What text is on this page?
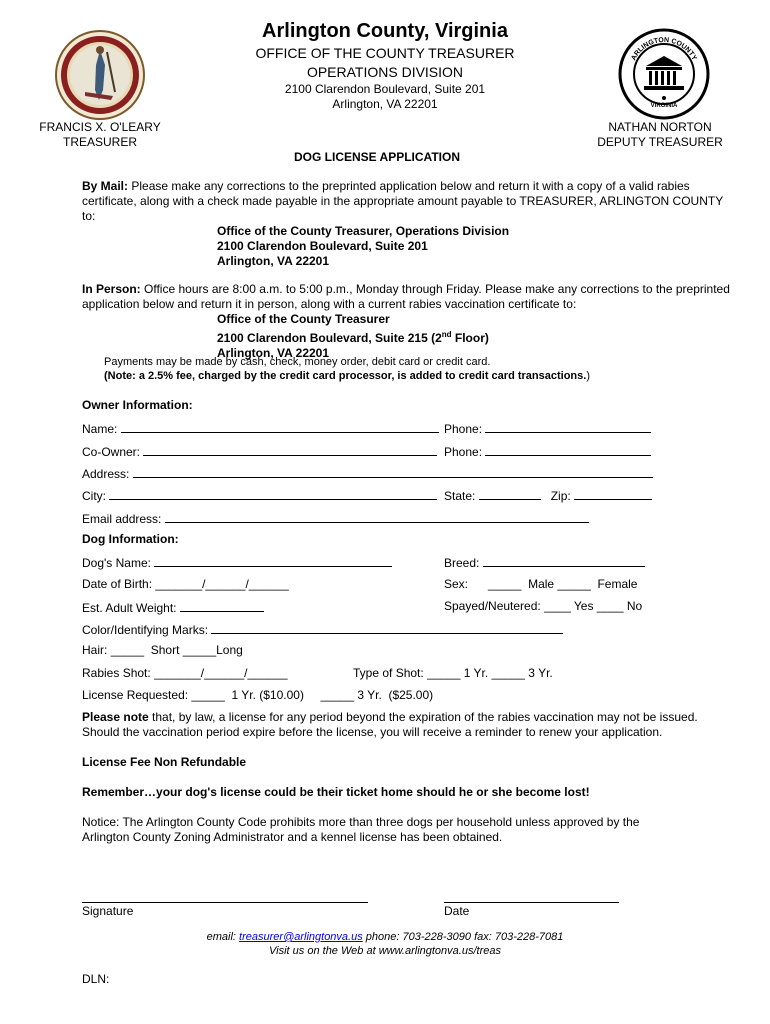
ARLINGTON COUNTY
VIRGINIA
Arlington County, Virginia
OFFICE OF THE COUNTY TREASURER
OPERATIONS DIVISION
2100 Clarendon Boulevard, Suite 201
Arlington, VA 22201
FRANCIS X. O'LEARY
TREASURER
NATHAN NORTON
DEPUTY TREASURER
DOG LICENSE APPLICATION
By Mail: Please make any corrections to the preprinted application below and return it with a copy of a valid rabies certificate, along with a check made payable in the appropriate amount payable to TREASURER, ARLINGTON COUNTY to:
Office of the County Treasurer, Operations Division
2100 Clarendon Boulevard, Suite 201
Arlington, VA 22201
In Person: Office hours are 8:00 a.m. to 5:00 p.m., Monday through Friday. Please make any corrections to the preprinted application below and return it in person, along with a current rabies vaccination certificate to:
Office of the County Treasurer
2100 Clarendon Boulevard, Suite 215 (2nd Floor)
Arlington, VA 22201
Payments may be made by cash, check, money order, debit card or credit card.
(Note: a 2.5% fee, charged by the credit card processor, is added to credit card transactions.)
Owner Information:
Name:	Phone:
Co-Owner:	Phone:
Address:
City:	State:	Zip:
Email address:
Dog Information:
Dog's Name:	Breed:
Date of Birth: _______/______/______	Sex: _____  Male _____  Female
Est. Adult Weight:	Spayed/Neutered: ____ Yes ____ No
Color/Identifying Marks:
Hair: _____  Short _____Long
Rabies Shot: _______/______/______	Type of Shot: _____ 1 Yr. _____ 3 Yr.
License Requested: _____  1 Yr. ($10.00) _____ 3 Yr.  ($25.00)
Please note that, by law, a license for any period beyond the expiration of the rabies vaccination may not be issued. Should the vaccination period expire before the license, you will receive a reminder to renew your application.
License Fee Non Refundable
Remember…your dog's license could be their ticket home should he or she become lost!
Notice: The Arlington County Code prohibits more than three dogs per household unless approved by the Arlington County Zoning Administrator and a kennel license has been obtained.
Signature	Date
email: treasurer@arlingtonva.us phone: 703-228-3090 fax: 703-228-7081
Visit us on the Web at www.arlingtonva.us/treas
DLN:
